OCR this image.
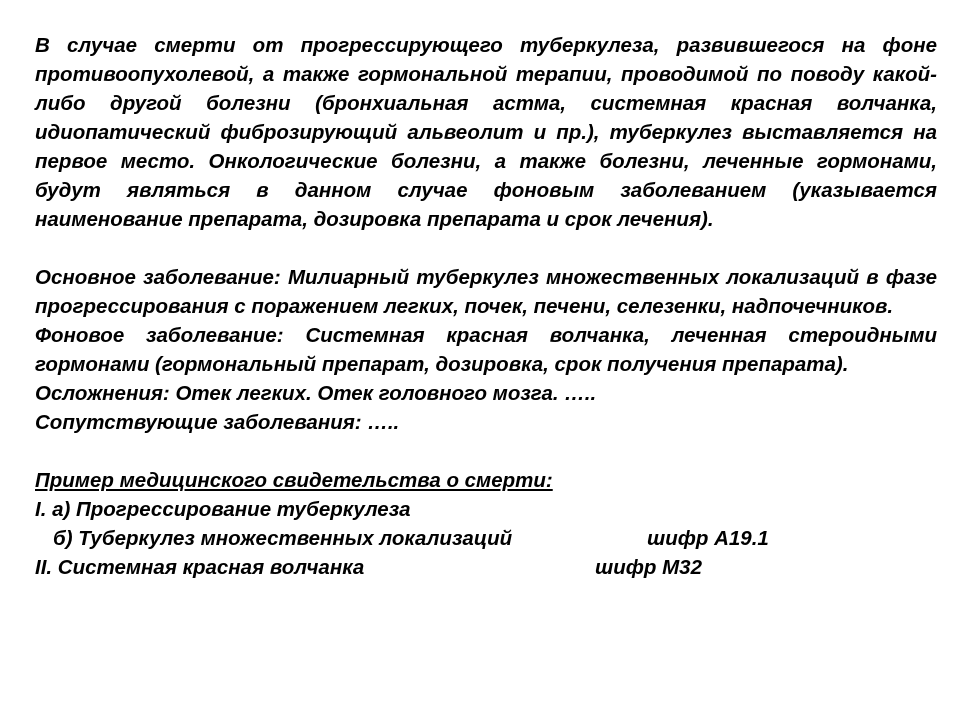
В случае смерти от прогрессирующего туберкулеза, развившегося на фоне противоопухолевой, а также гормональной терапии, проводимой по поводу какой-либо другой болезни (бронхиальная астма, системная красная волчанка, идиопатический фиброзирующий альвеолит и пр.), туберкулез выставляется на первое место. Онкологические болезни, а также болезни, леченные гормонами, будут являться в данном случае фоновым заболеванием (указывается наименование препарата, дозировка препарата и срок лечения).

Основное заболевание: Милиарный туберкулез множественных локализаций в фазе прогрессирования с поражением легких, почек, печени, селезенки, надпочечников.

Фоновое заболевание: Системная красная волчанка, леченная стероидными гормонами (гормональный препарат, дозировка, срок получения препарата).

Осложнения: Отек легких. Отек головного мозга. …..

Сопутствующие заболевания: …..

Пример медицинского свидетельства о смерти:
I. а) Прогрессирование туберкулеза
б) Туберкулез множественных локализаций	шифр А19.1
II. Системная красная волчанка	шифр М32
